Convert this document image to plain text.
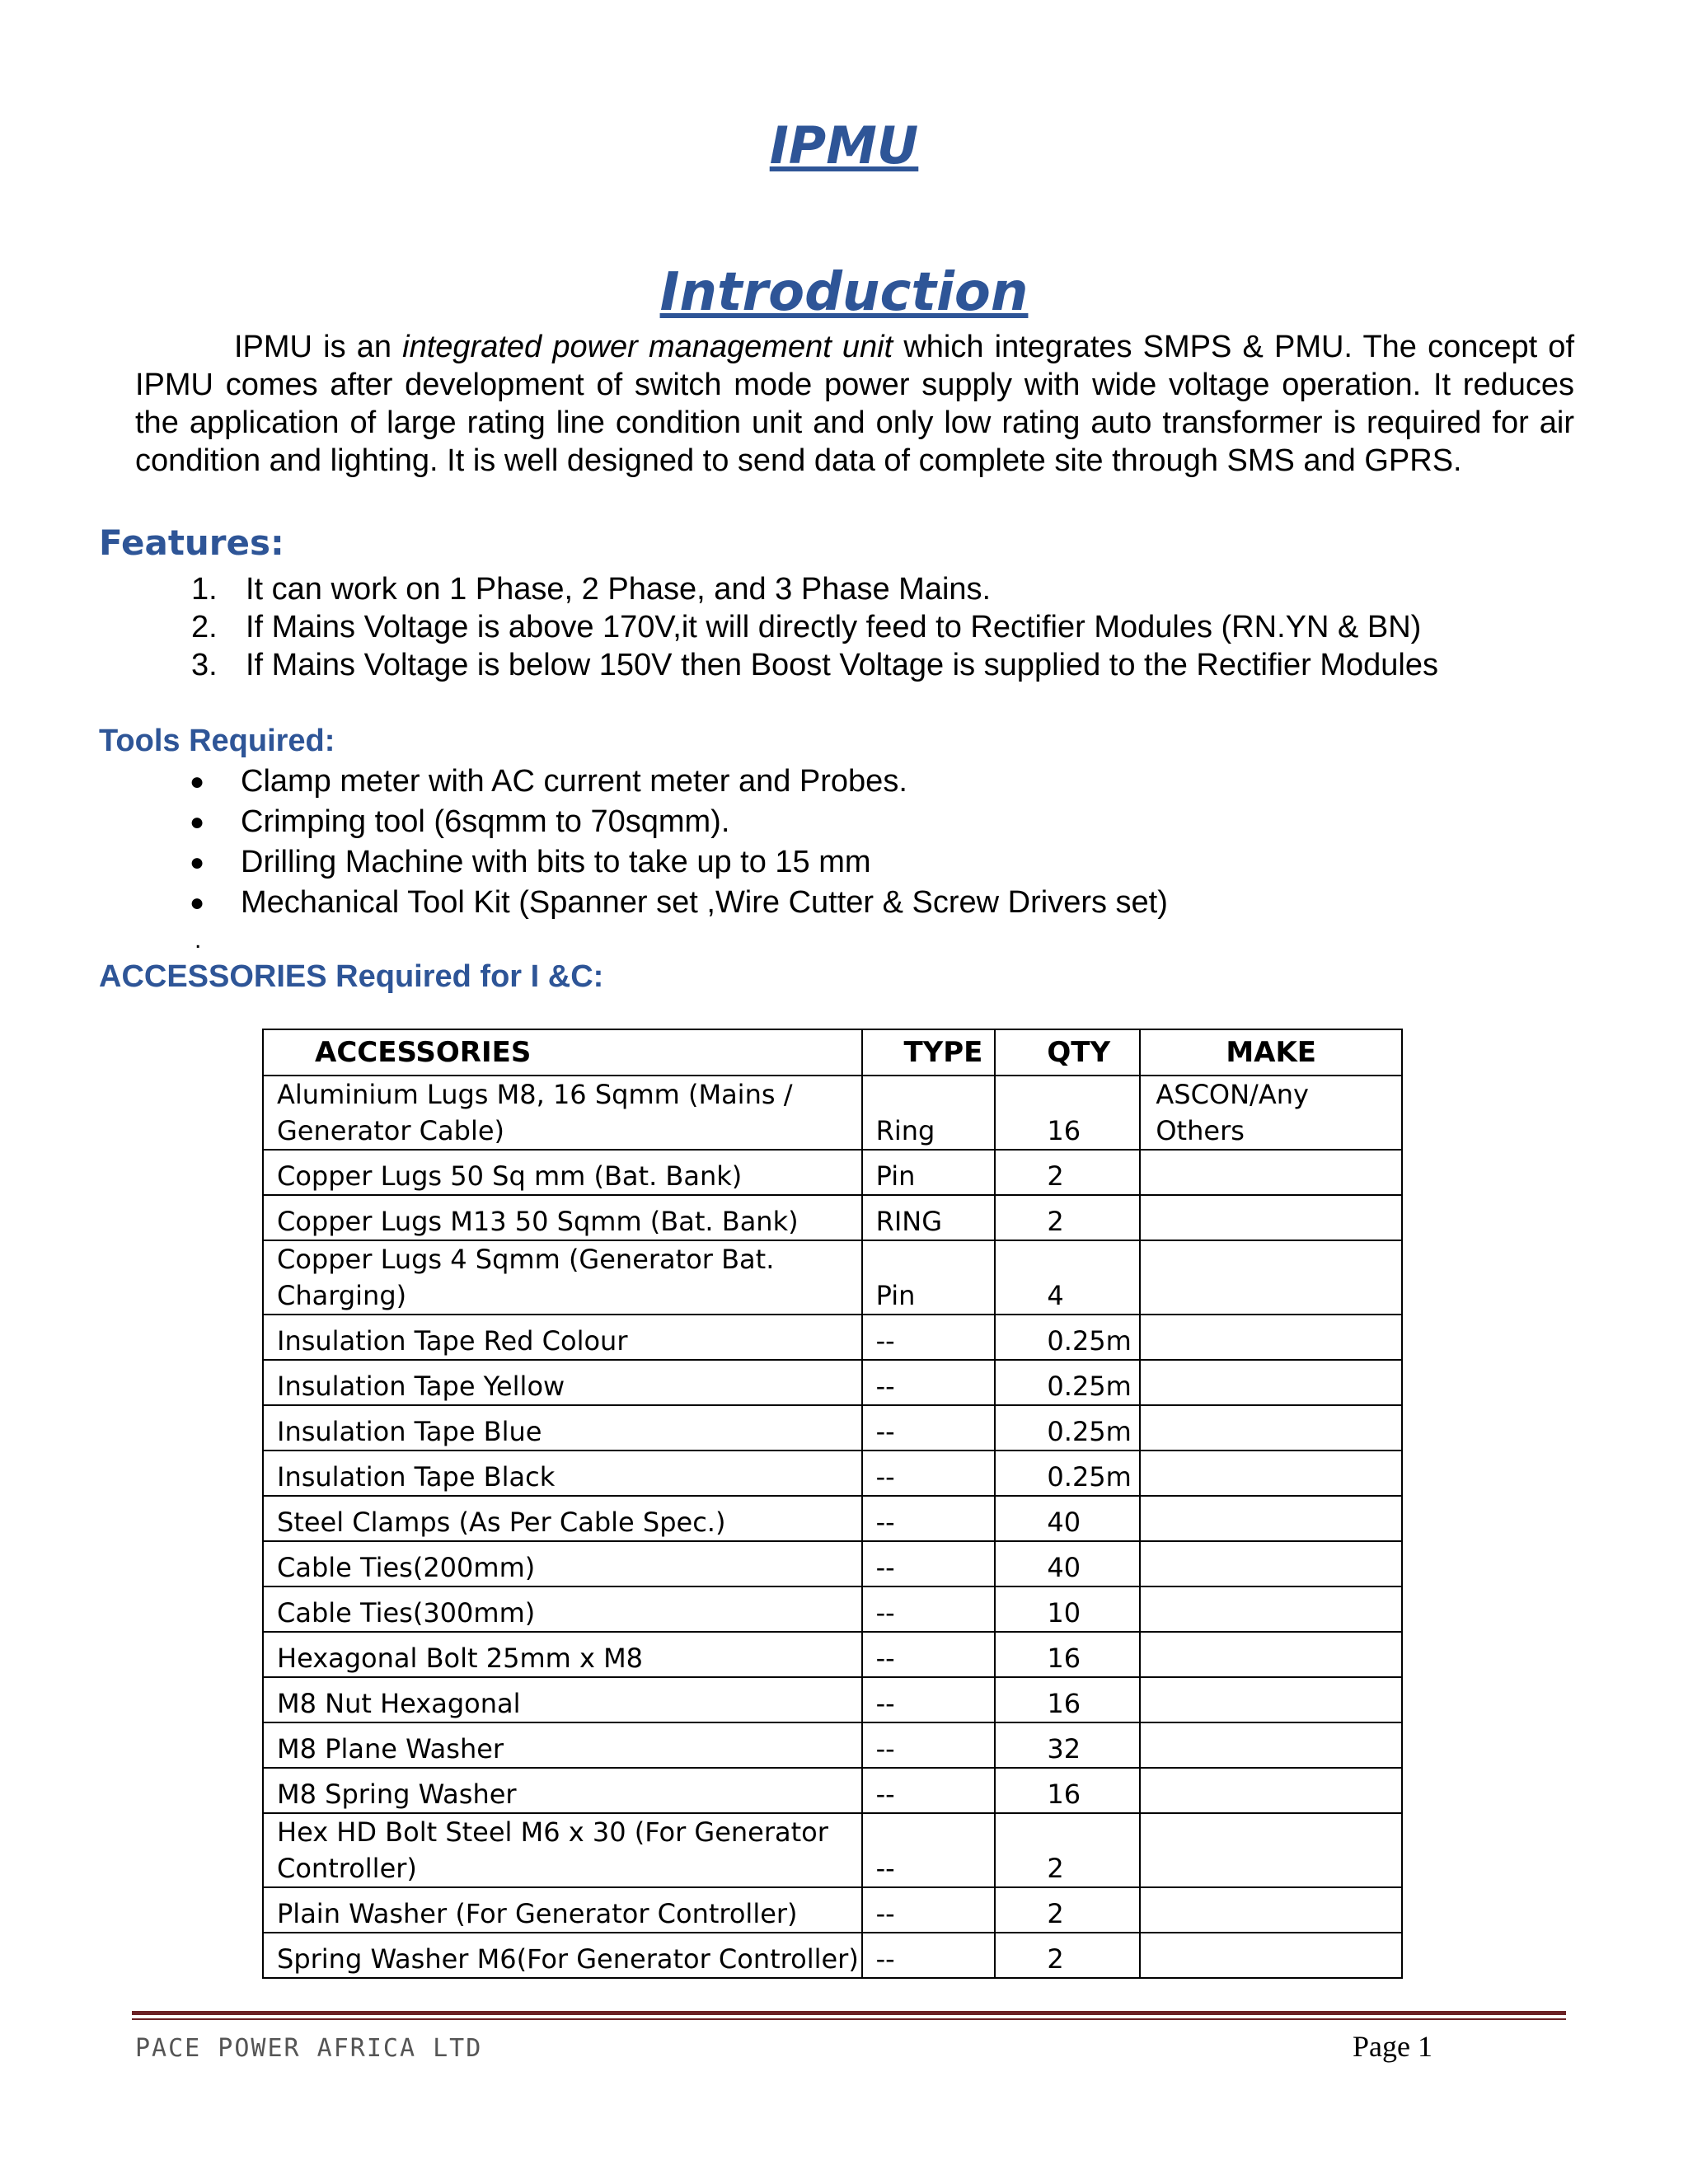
IPMU
Introduction

IPMU is an integrated power management unit which integrates SMPS & PMU. The concept of IPMU comes after development of switch mode power supply with wide voltage operation. It reduces the application of large rating line condition unit and only low rating auto transformer is required for air condition and lighting. It is well designed to send data of complete site through SMS and GPRS.

Features:
1. It can work on 1 Phase, 2 Phase, and 3 Phase Mains.
2. If Mains Voltage is above 170V,it will directly feed to Rectifier Modules (RN.YN & BN)
3. If Mains Voltage is below 150V then Boost Voltage is supplied to the Rectifier Modules
Tools Required:
●	Clamp meter with AC current meter and Probes.
●	Crimping tool (6sqmm to 70sqmm).
●	Drilling Machine with bits to take up to 15 mm
●	Mechanical Tool Kit (Spanner set ,Wire Cutter & Screw Drivers set)
.
ACCESSORIES Required for I &C:
ACCESSORIES	TYPE	QTY	MAKE
Aluminium Lugs M8, 16 Sqmm (Mains / Generator Cable)	Ring	16	ASCON/Any Others
Copper Lugs 50 Sq mm (Bat. Bank)	Pin	2	
Copper Lugs M13 50 Sqmm (Bat. Bank)	RING	2	
Copper Lugs 4 Sqmm (Generator Bat. Charging)	Pin	4	
Insulation Tape Red Colour	--	0.25m	
Insulation Tape Yellow	--	0.25m	
Insulation Tape Blue	--	0.25m	
Insulation Tape Black	--	0.25m	
Steel Clamps (As Per Cable Spec.)	--	40	
Cable Ties(200mm)	--	40	
Cable Ties(300mm)	--	10	
Hexagonal Bolt 25mm x M8	--	16	
M8 Nut Hexagonal	--	16	
M8 Plane Washer	--	32	
M8 Spring Washer	--	16	
Hex HD Bolt Steel M6 x 30 (For Generator Controller)	--	2	
Plain Washer (For Generator Controller)	--	2	
Spring Washer M6(For Generator Controller)	--	2	
PACE POWER AFRICA LTD	Page 1
